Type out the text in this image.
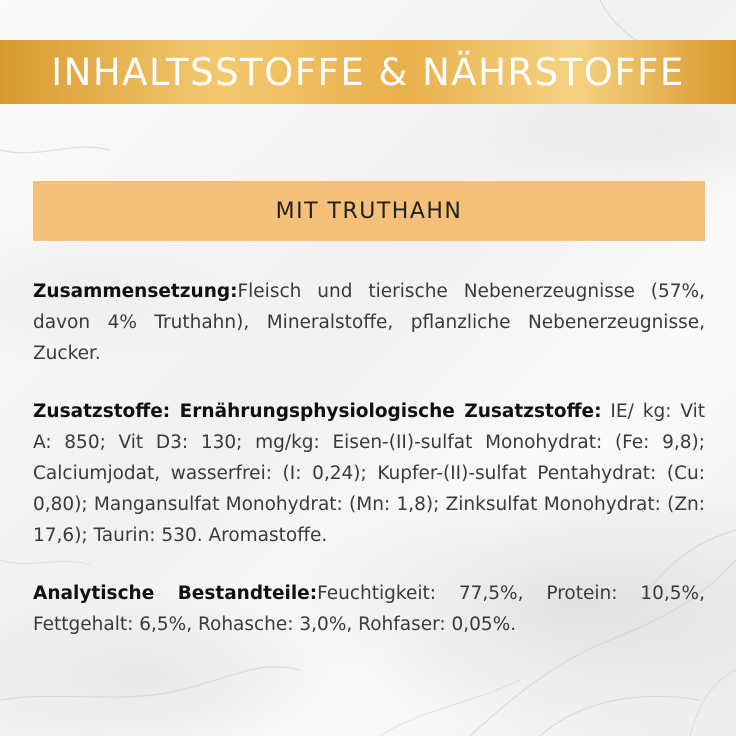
INHALTSSTOFFE & NÄHRSTOFFE
MIT TRUTHAHN

Zusammensetzung:Fleisch und tierische Nebenerzeugnisse (57%, davon 4% Truthahn), Mineralstoffe, pflanzliche Nebenerzeugnisse, Zucker.

Zusatzstoffe: Ernährungsphysiologische Zusatzstoffe: IE/ kg: Vit A: 850; Vit D3: 130; mg/kg: Eisen-(II)-sulfat Monohydrat: (Fe: 9,8); Calciumjodat, wasserfrei: (I: 0,24); Kupfer-(II)-sulfat Pentahydrat: (Cu: 0,80); Mangansulfat Monohydrat: (Mn: 1,8); Zinksulfat Monohydrat: (Zn: 17,6); Taurin: 530. Aromastoffe.

Analytische Bestandteile:Feuchtigkeit: 77,5%, Protein: 10,5%, Fettgehalt: 6,5%, Rohasche: 3,0%, Rohfaser: 0,05%.
